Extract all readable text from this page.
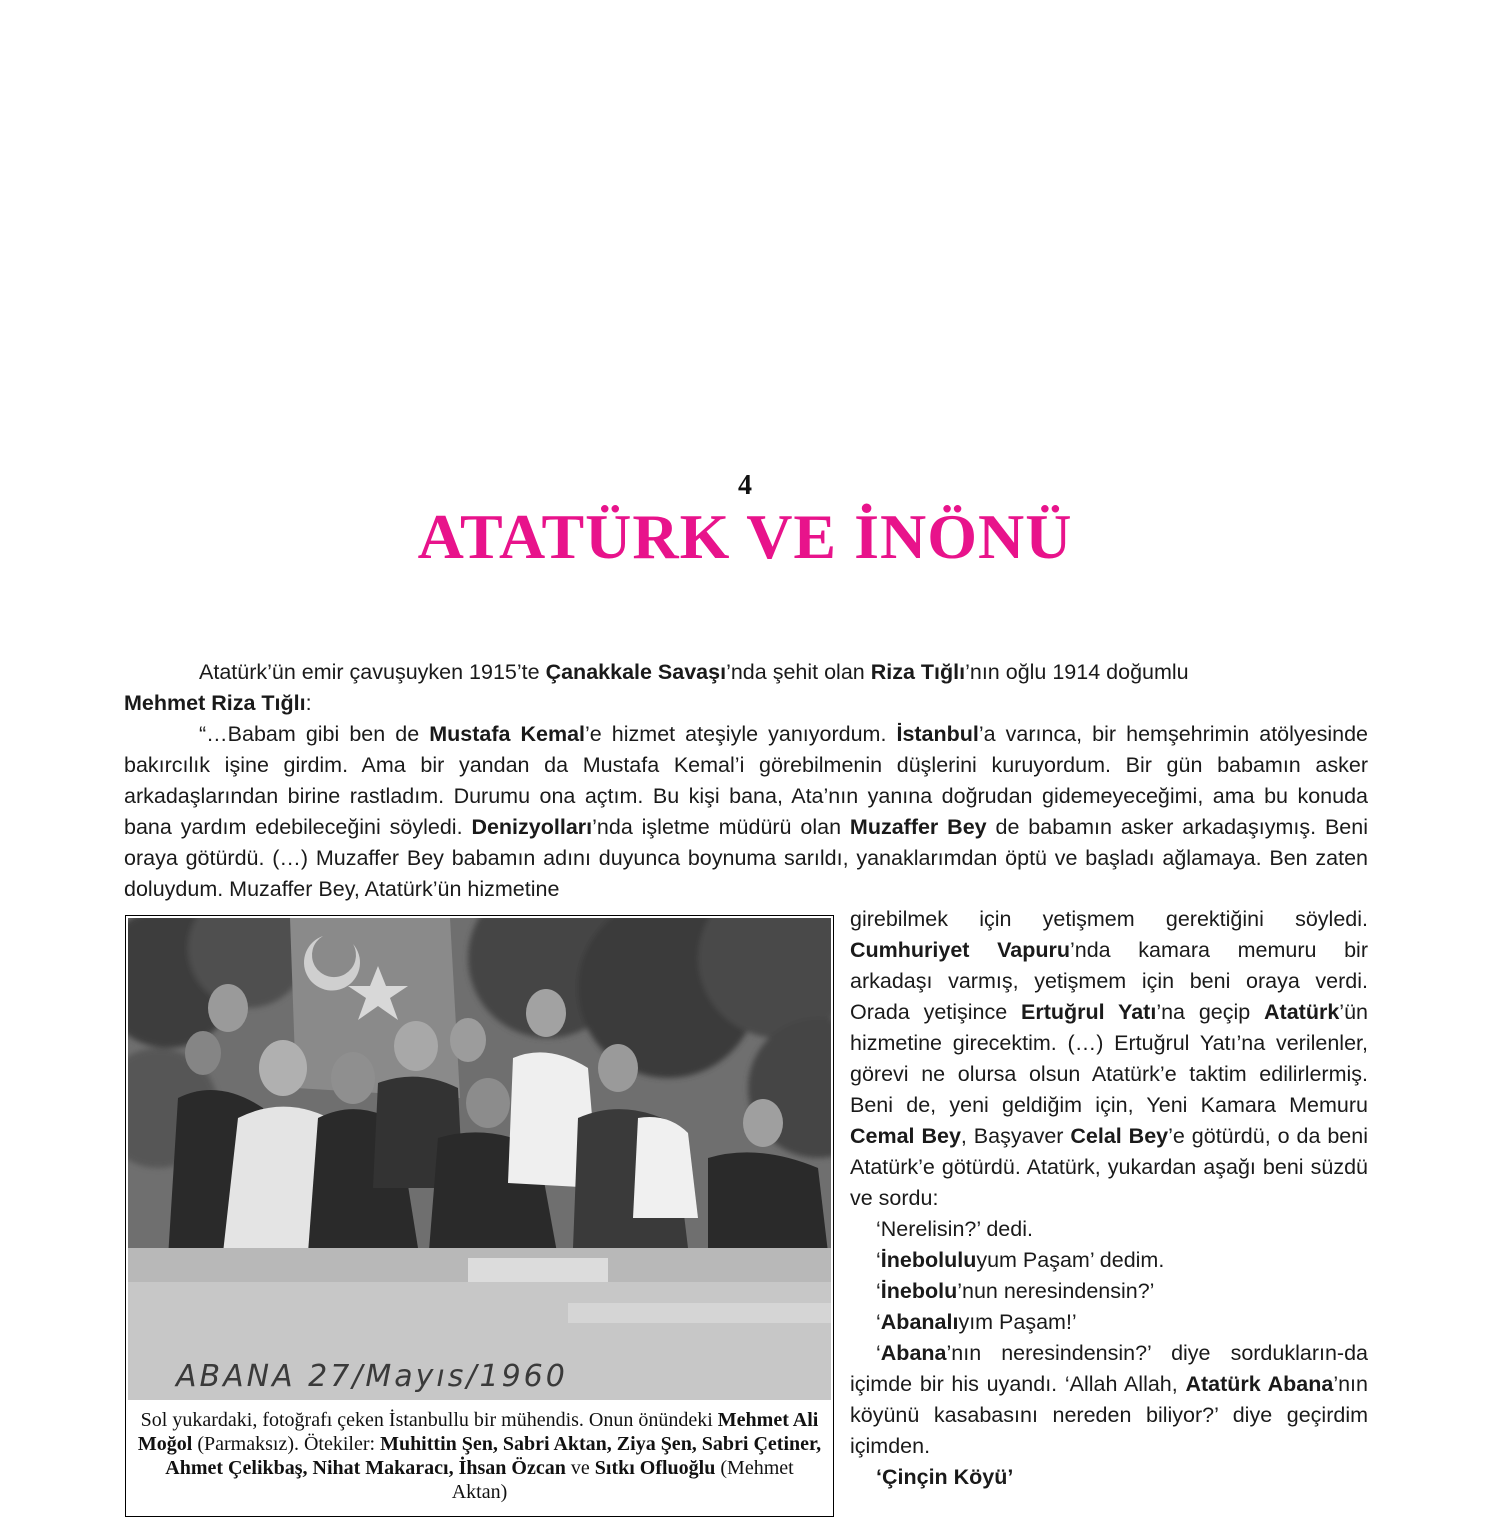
4
ATATÜRK VE İNÖNÜ

Atatürk’ün emir çavuşuyken 1915’te Çanakkale Savaşı’nda şehit olan Riza Tığlı’nın oğlu 1914 doğumlu
Mehmet Riza Tığlı:

“…Babam gibi ben de Mustafa Kemal’e hizmet ateşiyle yanıyordum. İstanbul’a varınca, bir hemşehrimin atölyesinde bakırcılık işine girdim. Ama bir yandan da Mustafa Kemal’i görebilmenin düşlerini kuruyordum. Bir gün babamın asker arkadaşlarından birine rastladım. Durumu ona açtım. Bu kişi bana, Ata’nın yanına doğrudan gidemeyeceğimi, ama bu konuda bana yardım edebileceğini söyledi. Denizyolları’nda işletme müdürü olan Muzaffer Bey de babamın asker arkadaşıymış. Beni oraya götürdü. (…) Muzaffer Bey babamın adını duyunca boynuma sarıldı, yanaklarımdan öptü ve başladı ağlamaya. Ben zaten doluydum. Muzaffer Bey, Atatürk’ün hizmetine

ABANA 27/Mayıs/1960

Sol yukardaki, fotoğrafı çeken İstanbullu bir mühendis. Onun önündeki Mehmet Ali Moğol (Parmaksız). Ötekiler: Muhittin Şen, Sabri Aktan, Ziya Şen, Sabri Çetiner, Ahmet Çelikbaş, Nihat Makaracı, İhsan Özcan ve Sıtkı Ofluoğlu (Mehmet Aktan)

girebilmek için yetişmem gerektiğini söyledi. Cumhuriyet Vapuru’nda kamara memuru bir arkadaşı varmış, yetişmem için beni oraya verdi. Orada yetişince Ertuğrul Yatı’na geçip Atatürk’ün hizmetine girecektim. (…) Ertuğrul Yatı’na verilenler, görevi ne olursa olsun Atatürk’e taktim edilirlermiş. Beni de, yeni geldiğim için, Yeni Kamara Memuru Cemal Bey, Başyaver Celal Bey’e götürdü, o da beni Atatürk’e götürdü. Atatürk, yukardan aşağı beni süzdü ve sordu:

‘Nerelisin?’ dedi.

‘İneboluluyum Paşam’ dedim.

‘İnebolu’nun neresindensin?’

‘Abanalıyım Paşam!’

‘Abana’nın neresindensin?’ diye sordukların-da içimde bir his uyandı. ‘Allah Allah, Atatürk Abana’nın köyünü kasabasını nereden biliyor?’ diye geçirdim içimden.

‘Çinçin Köyü’
